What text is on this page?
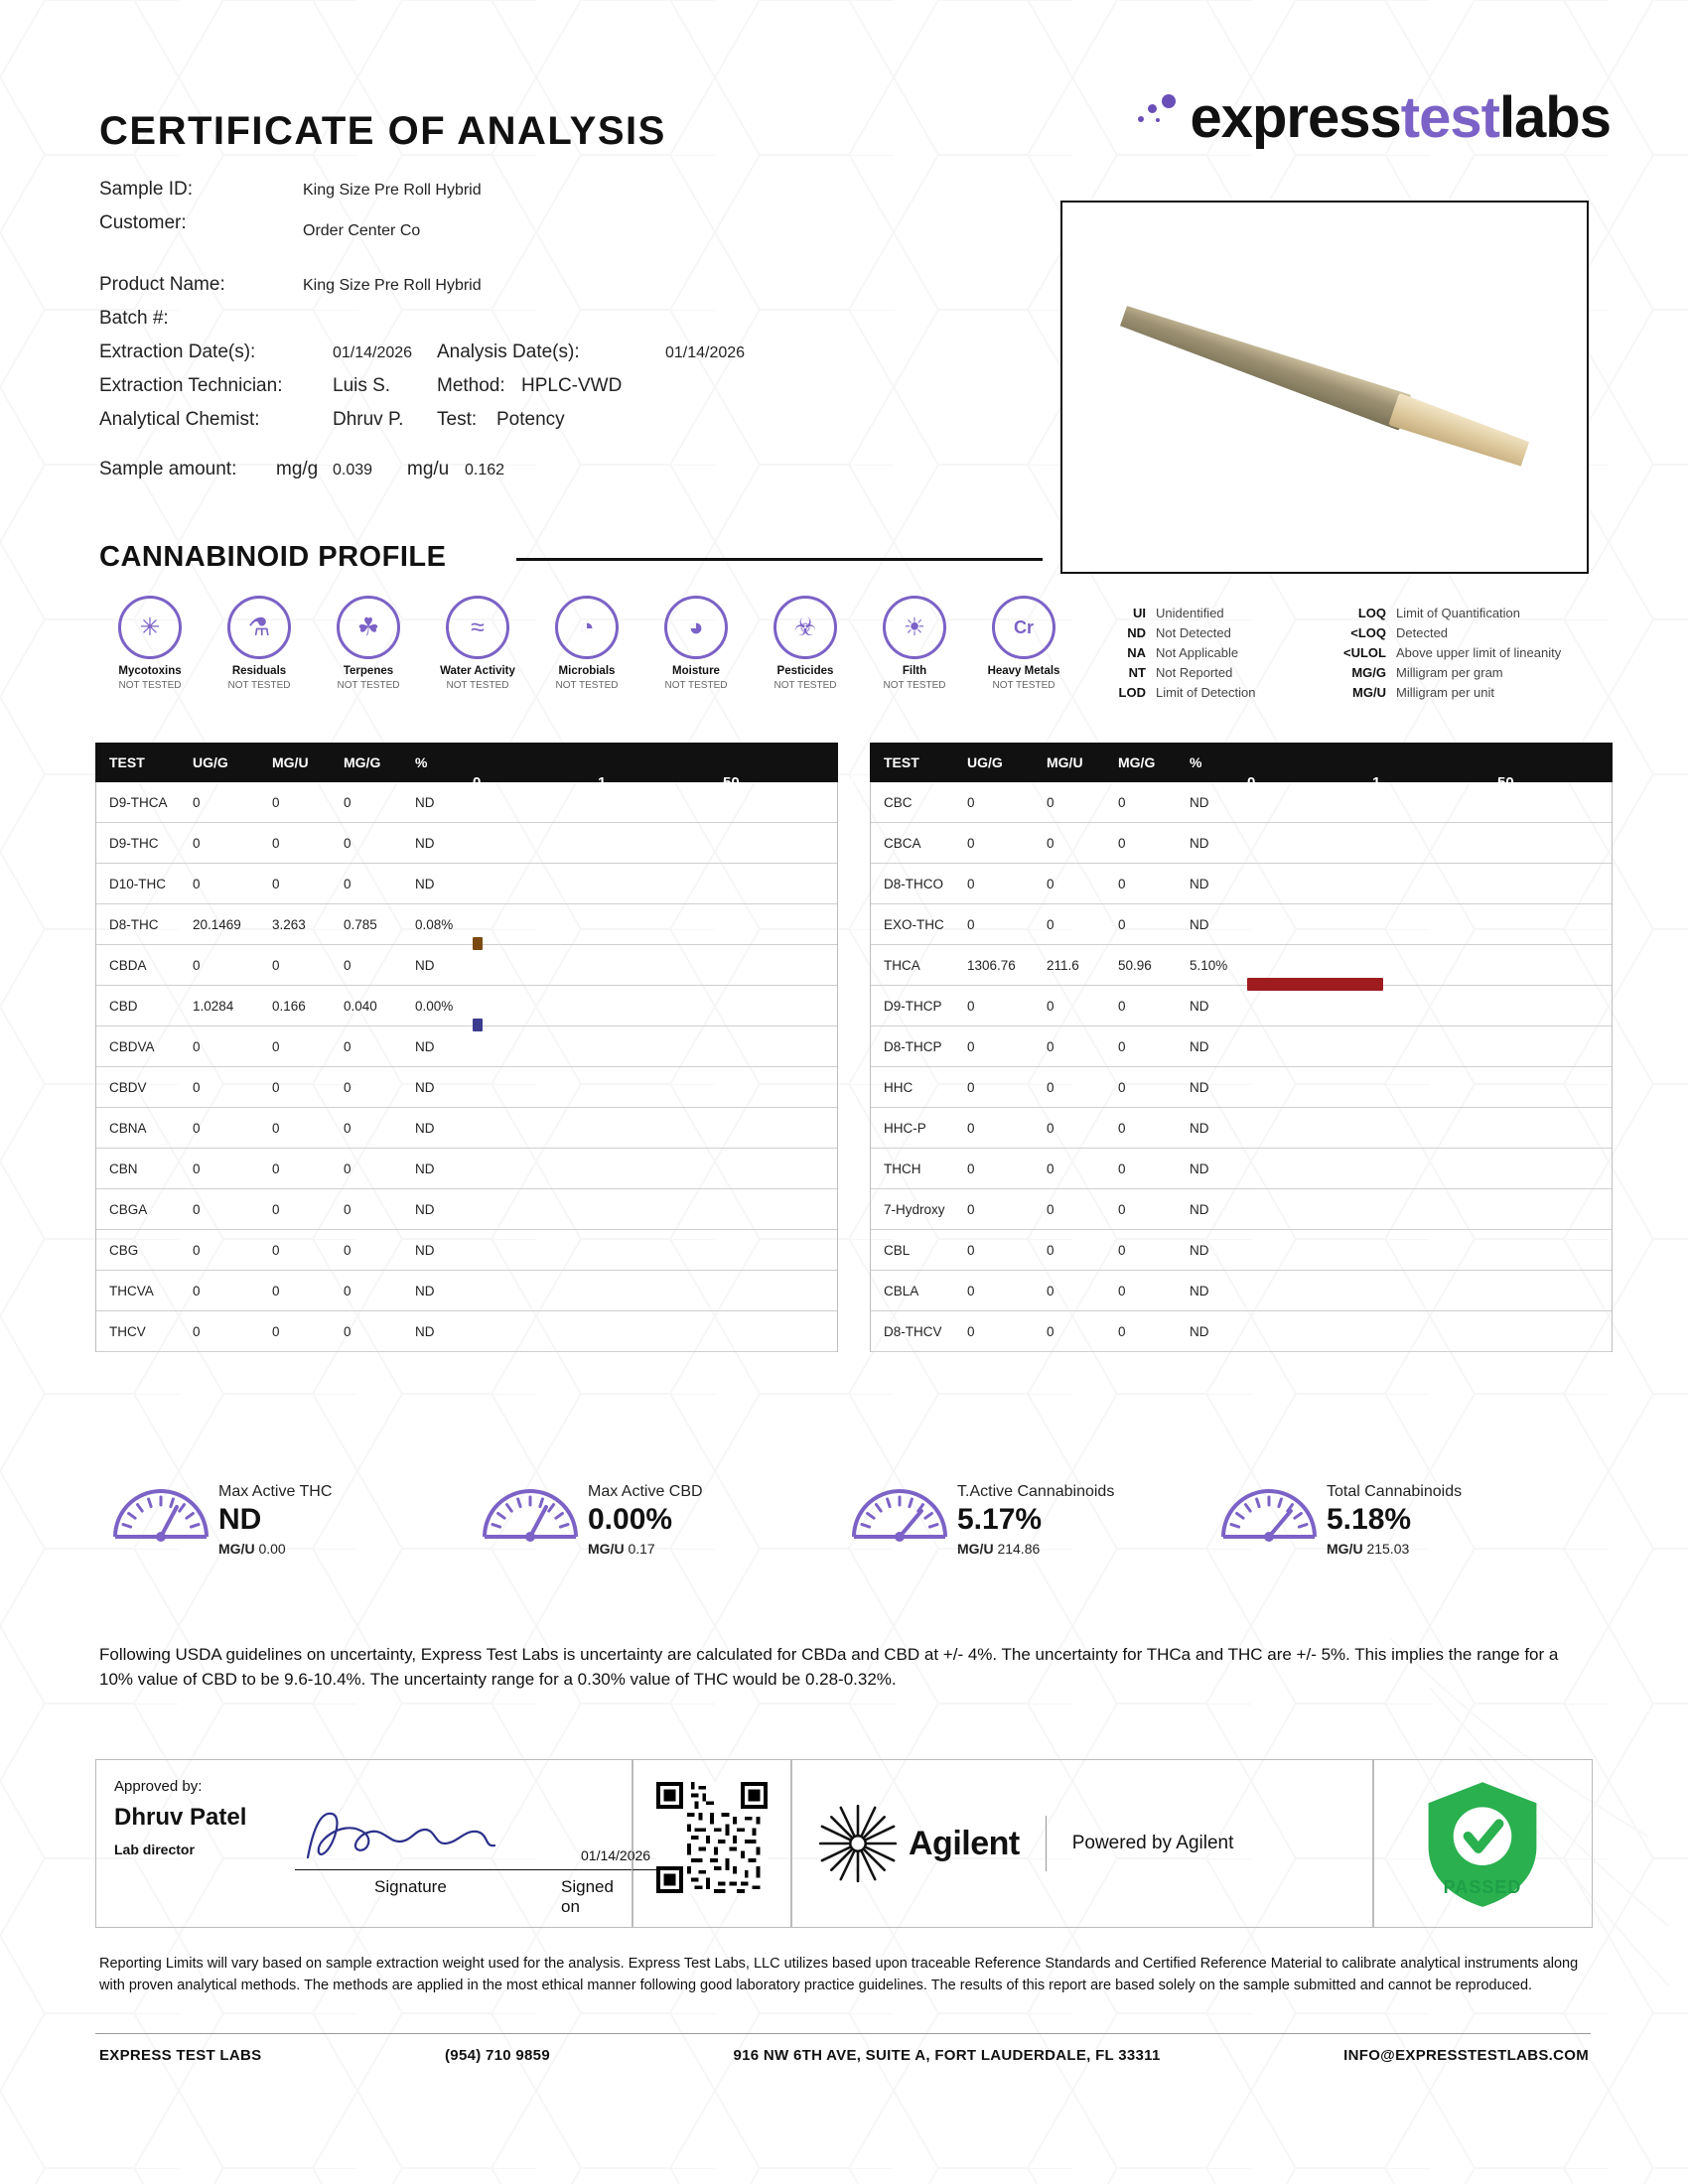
CERTIFICATE OF ANALYSIS	expresstestlabs
Sample ID:	King Size Pre Roll Hybrid
Customer:	Order Center Co
Product Name:	King Size Pre Roll Hybrid
Batch #:
Extraction Date(s):	01/14/2026 Analysis Date(s):	01/14/2026
Extraction Technician:	Luis S. Method: HPLC-VWD
Analytical Chemist:	Dhruv P. Test: Potency
Sample amount: mg/g 0.039 mg/u 0.162
CANNABINOID PROFILE
✳
Mycotoxins
NOT TESTED
⚗
Residuals
NOT TESTED
☘
Terpenes
NOT TESTED
≈
Water Activity
NOT TESTED
◔
Microbials
NOT TESTED
◕
Moisture
NOT TESTED
☣
Pesticides
NOT TESTED
☀
Filth
NOT TESTED
Cr
Heavy Metals
NOT TESTED
UI Unidentified	LOQ Limit of Quantification
ND Not Detected	<LOQ Detected
NA Not Applicable	<ULOL Above upper limit of lineanity
NT Not Reported	MG/G Milligram per gram
LOD Limit of Detection	MG/U Milligram per unit
TEST	UG/G	MG/U	MG/G	%
0	1	50	100
D9-THCA	0	0	0	ND
D9-THC	0	0	0	ND
D10-THC	0	0	0	ND
D8-THC	20.1469	3.263	0.785	0.08%
CBDA	0	0	0	ND
CBD	1.0284	0.166	0.040	0.00%
CBDVA	0	0	0	ND
CBDV	0	0	0	ND
CBNA	0	0	0	ND
CBN	0	0	0	ND
CBGA	0	0	0	ND
CBG	0	0	0	ND
THCVA	0	0	0	ND
THCV	0	0	0	ND
TEST	UG/G	MG/U	MG/G	%
0	1	50	100
CBC	0	0	0	ND
CBCA	0	0	0	ND
D8-THCO	0	0	0	ND
EXO-THC	0	0	0	ND
THCA	1306.76	211.6	50.96	5.10%
D9-THCP	0	0	0	ND
D8-THCP	0	0	0	ND
HHC	0	0	0	ND
HHC-P	0	0	0	ND
THCH	0	0	0	ND
7-Hydroxy	0	0	0	ND
CBL	0	0	0	ND
CBLA	0	0	0	ND
D8-THCV	0	0	0	ND
Max Active THC
ND
MG/U 0.00
Max Active CBD
0.00%
MG/U 0.17
T.Active Cannabinoids
5.17%
MG/U 214.86
Total Cannabinoids
5.18%
MG/U 215.03
Following USDA guidelines on uncertainty, Express Test Labs is uncertainty are calculated for CBDa and CBD at +/- 4%. The uncertainty for THCa and THC are +/- 5%. This implies the range for a 10% value of CBD to be 9.6-10.4%. The uncertainty range for a 0.30% value of THC would be 0.28-0.32%.
Approved by:
Dhruv Patel
Lab director
Signature
01/14/2026
Signed on
Agilent	Powered by Agilent
PASSED
Reporting Limits will vary based on sample extraction weight used for the analysis. Express Test Labs, LLC utilizes based upon traceable Reference Standards and Certified Reference Material to calibrate analytical instruments along with proven analytical methods. The methods are applied in the most ethical manner following good laboratory practice guidelines. The results of this report are based solely on the sample submitted and cannot be reproduced.
EXPRESS TEST LABS	(954) 710 9859	916 NW 6TH AVE, SUITE A, FORT LAUDERDALE, FL 33311	INFO@EXPRESSTESTLABS.COM
